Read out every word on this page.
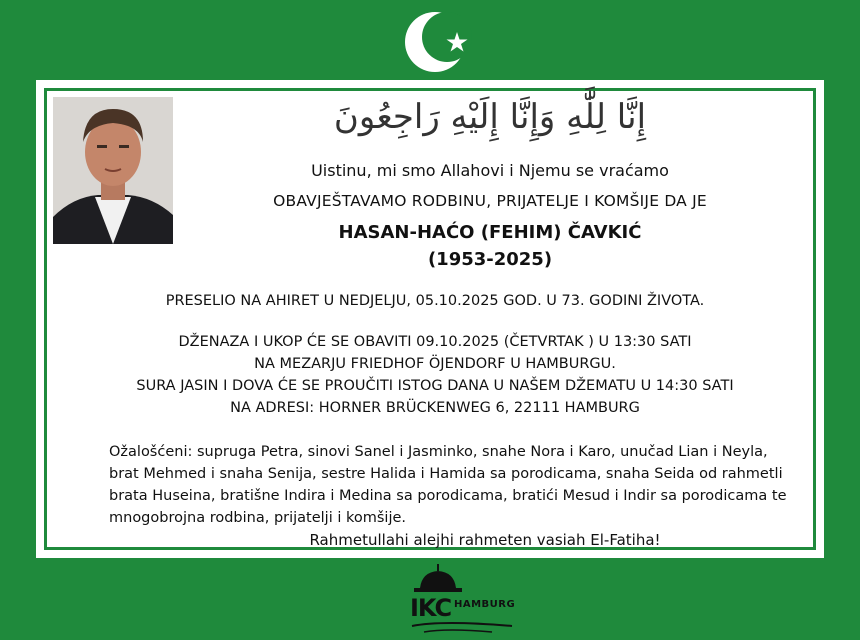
إِنَّا لِلَّٰهِ وَإِنَّا إِلَيْهِ رَاجِعُونَ
Uistinu, mi smo Allahovi i Njemu se vraćamo
OBAVJEŠTAVAMO RODBINU, PRIJATELJE I KOMŠIJE DA JE
HASAN-HAĆO (FEHIM) ČAVKIĆ
(1953-2025)
PRESELIO NA AHIRET U NEDJELJU, 05.10.2025 GOD. U 73. GODINI ŽIVOTA.
DŽENAZA I UKOP ĆE SE OBAVITI 09.10.2025 (ČETVRTAK ) U 13:30 SATI
NA MEZARJU FRIEDHOF ÖJENDORF U HAMBURGU.
SURA JASIN I DOVA ĆE SE PROUČITI ISTOG DANA U NAŠEM DŽEMATU U 14:30 SATI
NA ADRESI: HORNER BRÜCKENWEG 6, 22111 HAMBURG
Ožalošćeni: supruga Petra, sinovi Sanel i Jasminko, snahe Nora i Karo, unučad Lian i Neyla,
brat Mehmed i snaha Senija, sestre Halida i Hamida sa porodicama, snaha Seida od rahmetli
brata Huseina, bratišne Indira i Medina sa porodicama, bratići Mesud i Indir sa porodicama te
mnogobrojna rodbina, prijatelji i komšije.
Rahmetullahi alejhi rahmeten vasiah El-Fatiha!
IKC HAMBURG
